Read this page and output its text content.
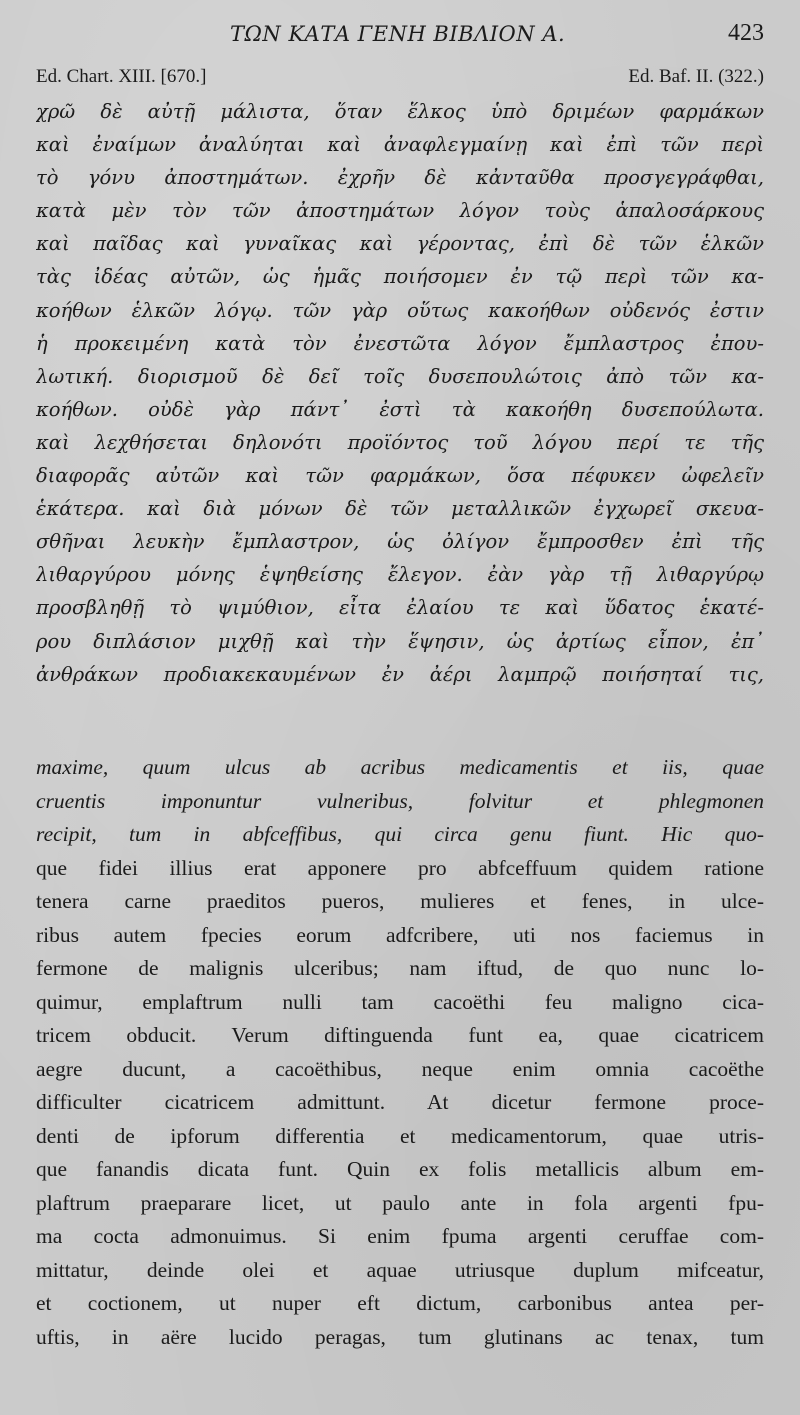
ΤΩΝ ΚΑΤΑ ΓΕΝΗ ΒΙΒΛΙΟΝ Α.	423
Ed. Chart. XIII. [670.]	Ed. Baf. II. (322.)
χρῶ δὲ αὐτῇ μάλιστα, ὅταν ἕλκος ὑπὸ δριμέων φαρμάκων
καὶ ἐναίμων ἀναλύηται καὶ ἀναφλεγμαίνῃ καὶ ἐπὶ τῶν περὶ
τὸ γόνυ ἀποστημάτων. ἐχρῆν δὲ κἀνταῦθα προσγεγράφθαι,
κατὰ μὲν τὸν τῶν ἀποστημάτων λόγον τοὺς ἁπαλοσάρκους
καὶ παῖδας καὶ γυναῖκας καὶ γέροντας, ἐπὶ δὲ τῶν ἑλκῶν
τὰς ἰδέας αὐτῶν, ὡς ἡμᾶς ποιήσομεν ἐν τῷ περὶ τῶν κα-
κοήθων ἑλκῶν λόγῳ. τῶν γὰρ οὕτως κακοήθων οὐδενός ἐστιν
ἡ προκειμένη κατὰ τὸν ἐνεστῶτα λόγον ἔμπλαστρος ἐπου-
λωτική. διορισμοῦ δὲ δεῖ τοῖς δυσεπουλώτοις ἀπὸ τῶν κα-
κοήθων. οὐδὲ γὰρ πάντ᾽ ἐστὶ τὰ κακοήθη δυσεπούλωτα.
καὶ λεχθήσεται δηλονότι προϊόντος τοῦ λόγου περί τε τῆς
διαφορᾶς αὐτῶν καὶ τῶν φαρμάκων, ὅσα πέφυκεν ὠφελεῖν
ἑκάτερα. καὶ διὰ μόνων δὲ τῶν μεταλλικῶν ἐγχωρεῖ σκευα-
σθῆναι λευκὴν ἔμπλαστρον, ὡς ὀλίγον ἔμπροσθεν ἐπὶ τῆς
λιθαργύρου μόνης ἑψηθείσης ἔλεγον. ἐὰν γὰρ τῇ λιθαργύρῳ
προσβληθῇ τὸ ψιμύθιον, εἶτα ἐλαίου τε καὶ ὕδατος ἑκατέ-
ρου διπλάσιον μιχθῇ καὶ τὴν ἕψησιν, ὡς ἀρτίως εἶπον, ἐπ᾽
ἀνθράκων προδιακεκαυμένων ἐν ἀέρι λαμπρῷ ποιήσηταί τις,
maxime, quum ulcus ab acribus medicamentis et iis, quae
cruentis imponuntur vulneribus, folvitur et phlegmonen
recipit, tum in abfceffibus, qui circa genu fiunt. Hic quo-
que fidei illius erat apponere pro abfceffuum quidem ratione
tenera carne praeditos pueros, mulieres et fenes, in ulce-
ribus autem fpecies eorum adfcribere, uti nos faciemus in
fermone de malignis ulceribus; nam iftud, de quo nunc lo-
quimur, emplaftrum nulli tam cacoëthi feu maligno cica-
tricem obducit. Verum diftinguenda funt ea, quae cicatricem
aegre ducunt, a cacoëthibus, neque enim omnia cacoëthe
difficulter cicatricem admittunt. At dicetur fermone proce-
denti de ipforum differentia et medicamentorum, quae utris-
que fanandis dicata funt. Quin ex folis metallicis album em-
plaftrum praeparare licet, ut paulo ante in fola argenti fpu-
ma cocta admonuimus. Si enim fpuma argenti ceruffae com-
mittatur, deinde olei et aquae utriusque duplum mifceatur,
et coctionem, ut nuper eft dictum, carbonibus antea per-
uftis, in aëre lucido peragas, tum glutinans ac tenax, tum
